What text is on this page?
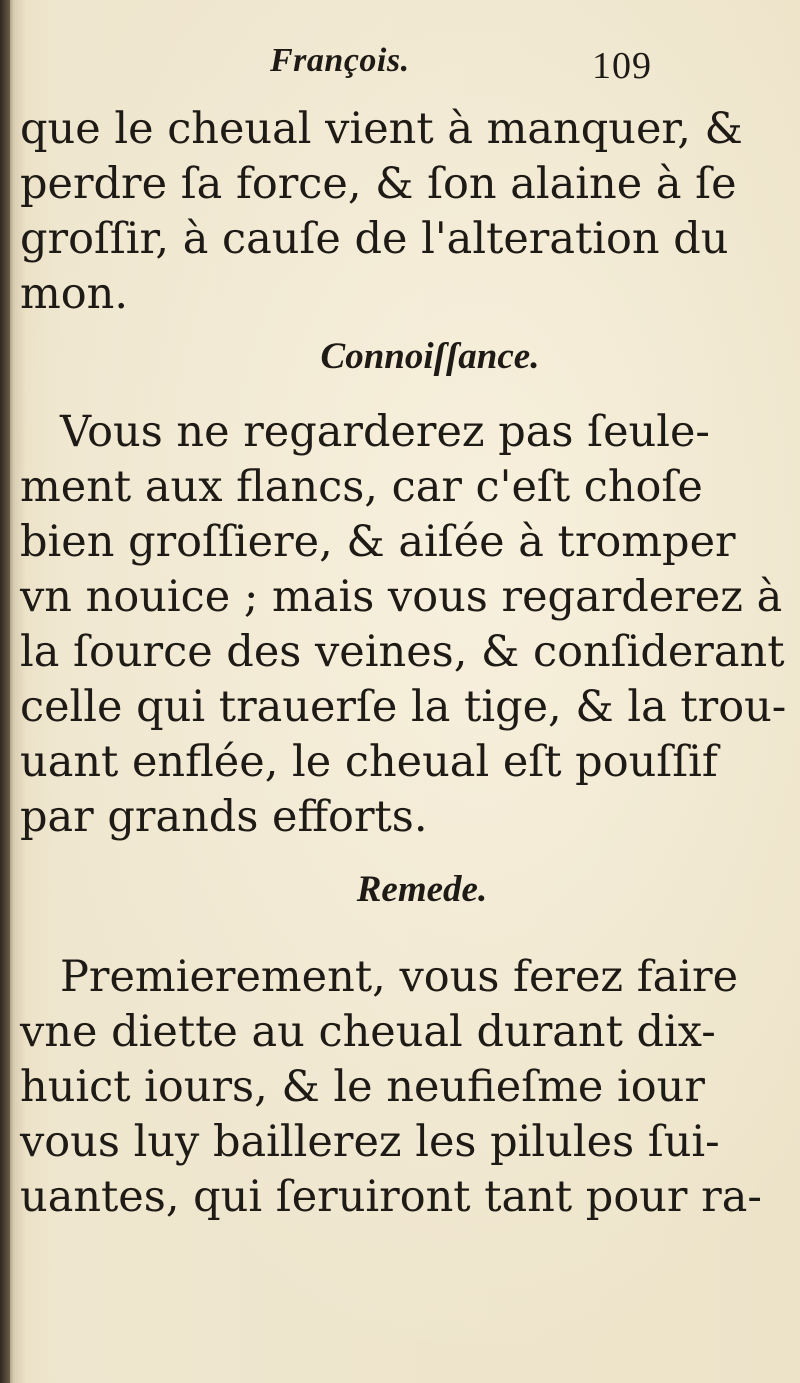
François.	109
que le cheual vient à manquer, &
perdre ſa force, & ſon alaine à ſe
groſſir, à cauſe de l'alteration du
mon.
Connoiſſance.
Vous ne regarderez pas ſeule-
ment aux flancs, car c'eſt choſe
bien groſſiere, & aiſée à tromper
vn nouice ; mais vous regarderez à
la ſource des veines, & conſiderant
celle qui trauerſe la tige, & la trou-
uant enflée, le cheual eſt pouſſif
par grands efforts.
Remede.
Premierement, vous ferez faire
vne diette au cheual durant dix-
huict iours, & le neufieſme iour
vous luy baillerez les pilules ſui-
uantes, qui ſeruiront tant pour ra-
